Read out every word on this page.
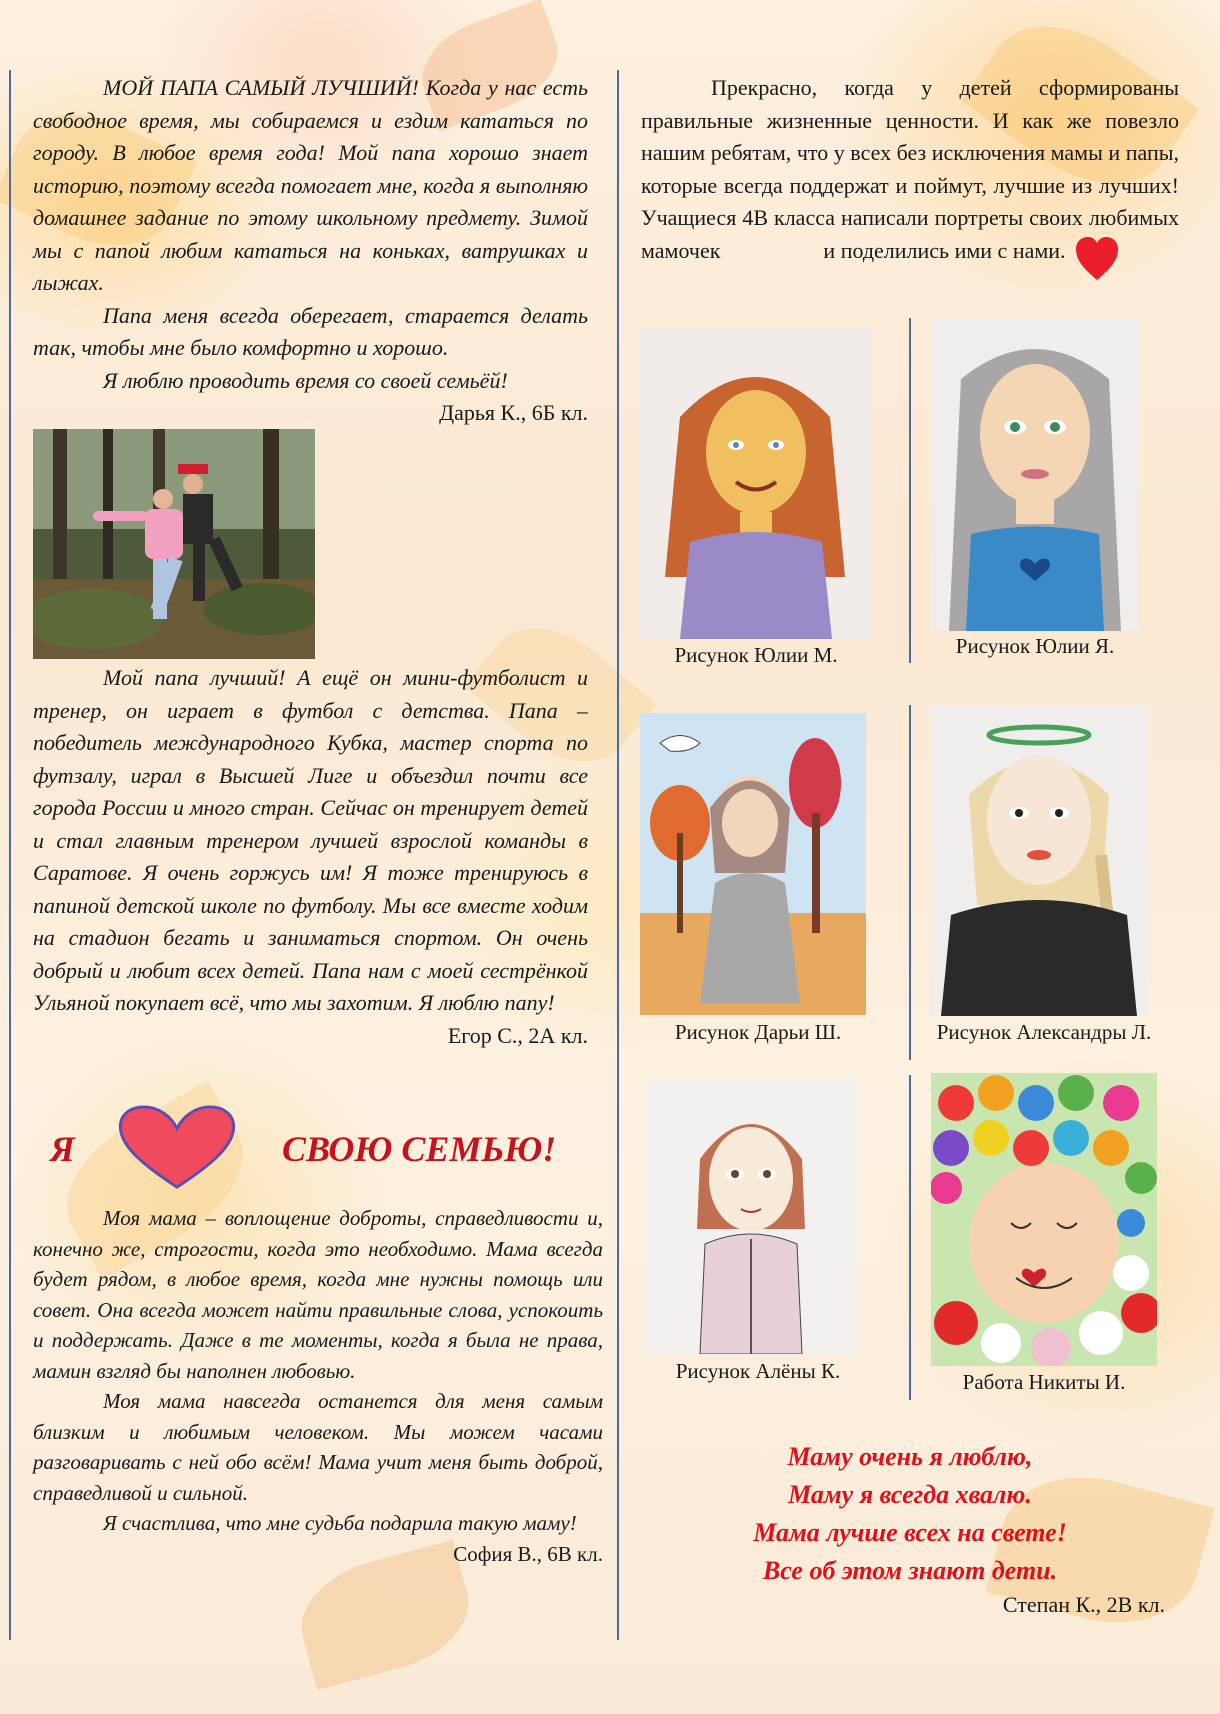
МОЙ ПАПА САМЫЙ ЛУЧШИЙ! Когда у нас есть свободное время, мы собираемся и ездим кататься по городу. В любое время года! Мой папа хорошо знает историю, поэтому всегда помогает мне, когда я выполняю домашнее задание по этому школьному предмету. Зимой мы с папой любим кататься на коньках, ватрушках и лыжах.

Папа меня всегда оберегает, старается делать так, чтобы мне было комфортно и хорошо.

Я люблю проводить время со своей семьёй!

Дарья К., 6Б кл.

Мой папа лучший! А ещё он мини-футболист и тренер, он играет в футбол с детства. Папа – победитель международного Кубка, мастер спорта по футзалу, играл в Высшей Лиге и объездил почти все города России и много стран. Сейчас он тренирует детей и стал главным тренером лучшей взрослой команды в Саратове. Я очень горжусь им! Я тоже тренируюсь в папиной детской школе по футболу. Мы все вместе ходим на стадион бегать и заниматься спортом. Он очень добрый и любит всех детей. Папа нам с моей сестрёнкой Ульяной покупает всё, что мы захотим. Я люблю папу!

Егор С., 2А кл.

Я	СВОЮ СЕМЬЮ!

Моя мама – воплощение доброты, справедливости и, конечно же, строгости, когда это необходимо. Мама всегда будет рядом, в любое время, когда мне нужны помощь или совет. Она всегда может найти правильные слова, успокоить и поддержать. Даже в те моменты, когда я была не права, мамин взгляд бы наполнен любовью.

Моя мама навсегда останется для меня самым близким и любимым человеком. Мы можем часами разговаривать с ней обо всём! Мама учит меня быть доброй, справедливой и сильной.

Я счастлива, что мне судьба подарила такую маму!

София В., 6В кл.

Прекрасно, когда у детей сформированы правильные жизненные ценности. И как же повезло нашим ребятам, что у всех без исключения мамы и папы, которые всегда поддержат и поймут, лучшие из лучших! Учащиеся 4В класса написали портреты своих любимых мамочек	и поделились ими с нами.

Рисунок Юлии М.	Рисунок Юлии Я.
Рисунок Дарьи Ш.	Рисунок Александры Л.
Рисунок Алёны К.	Работа Никиты И.
Маму очень я люблю,
Маму я всегда хвалю.
Мама лучше всех на свете!
Все об этом знают дети.
Степан К., 2В кл.
